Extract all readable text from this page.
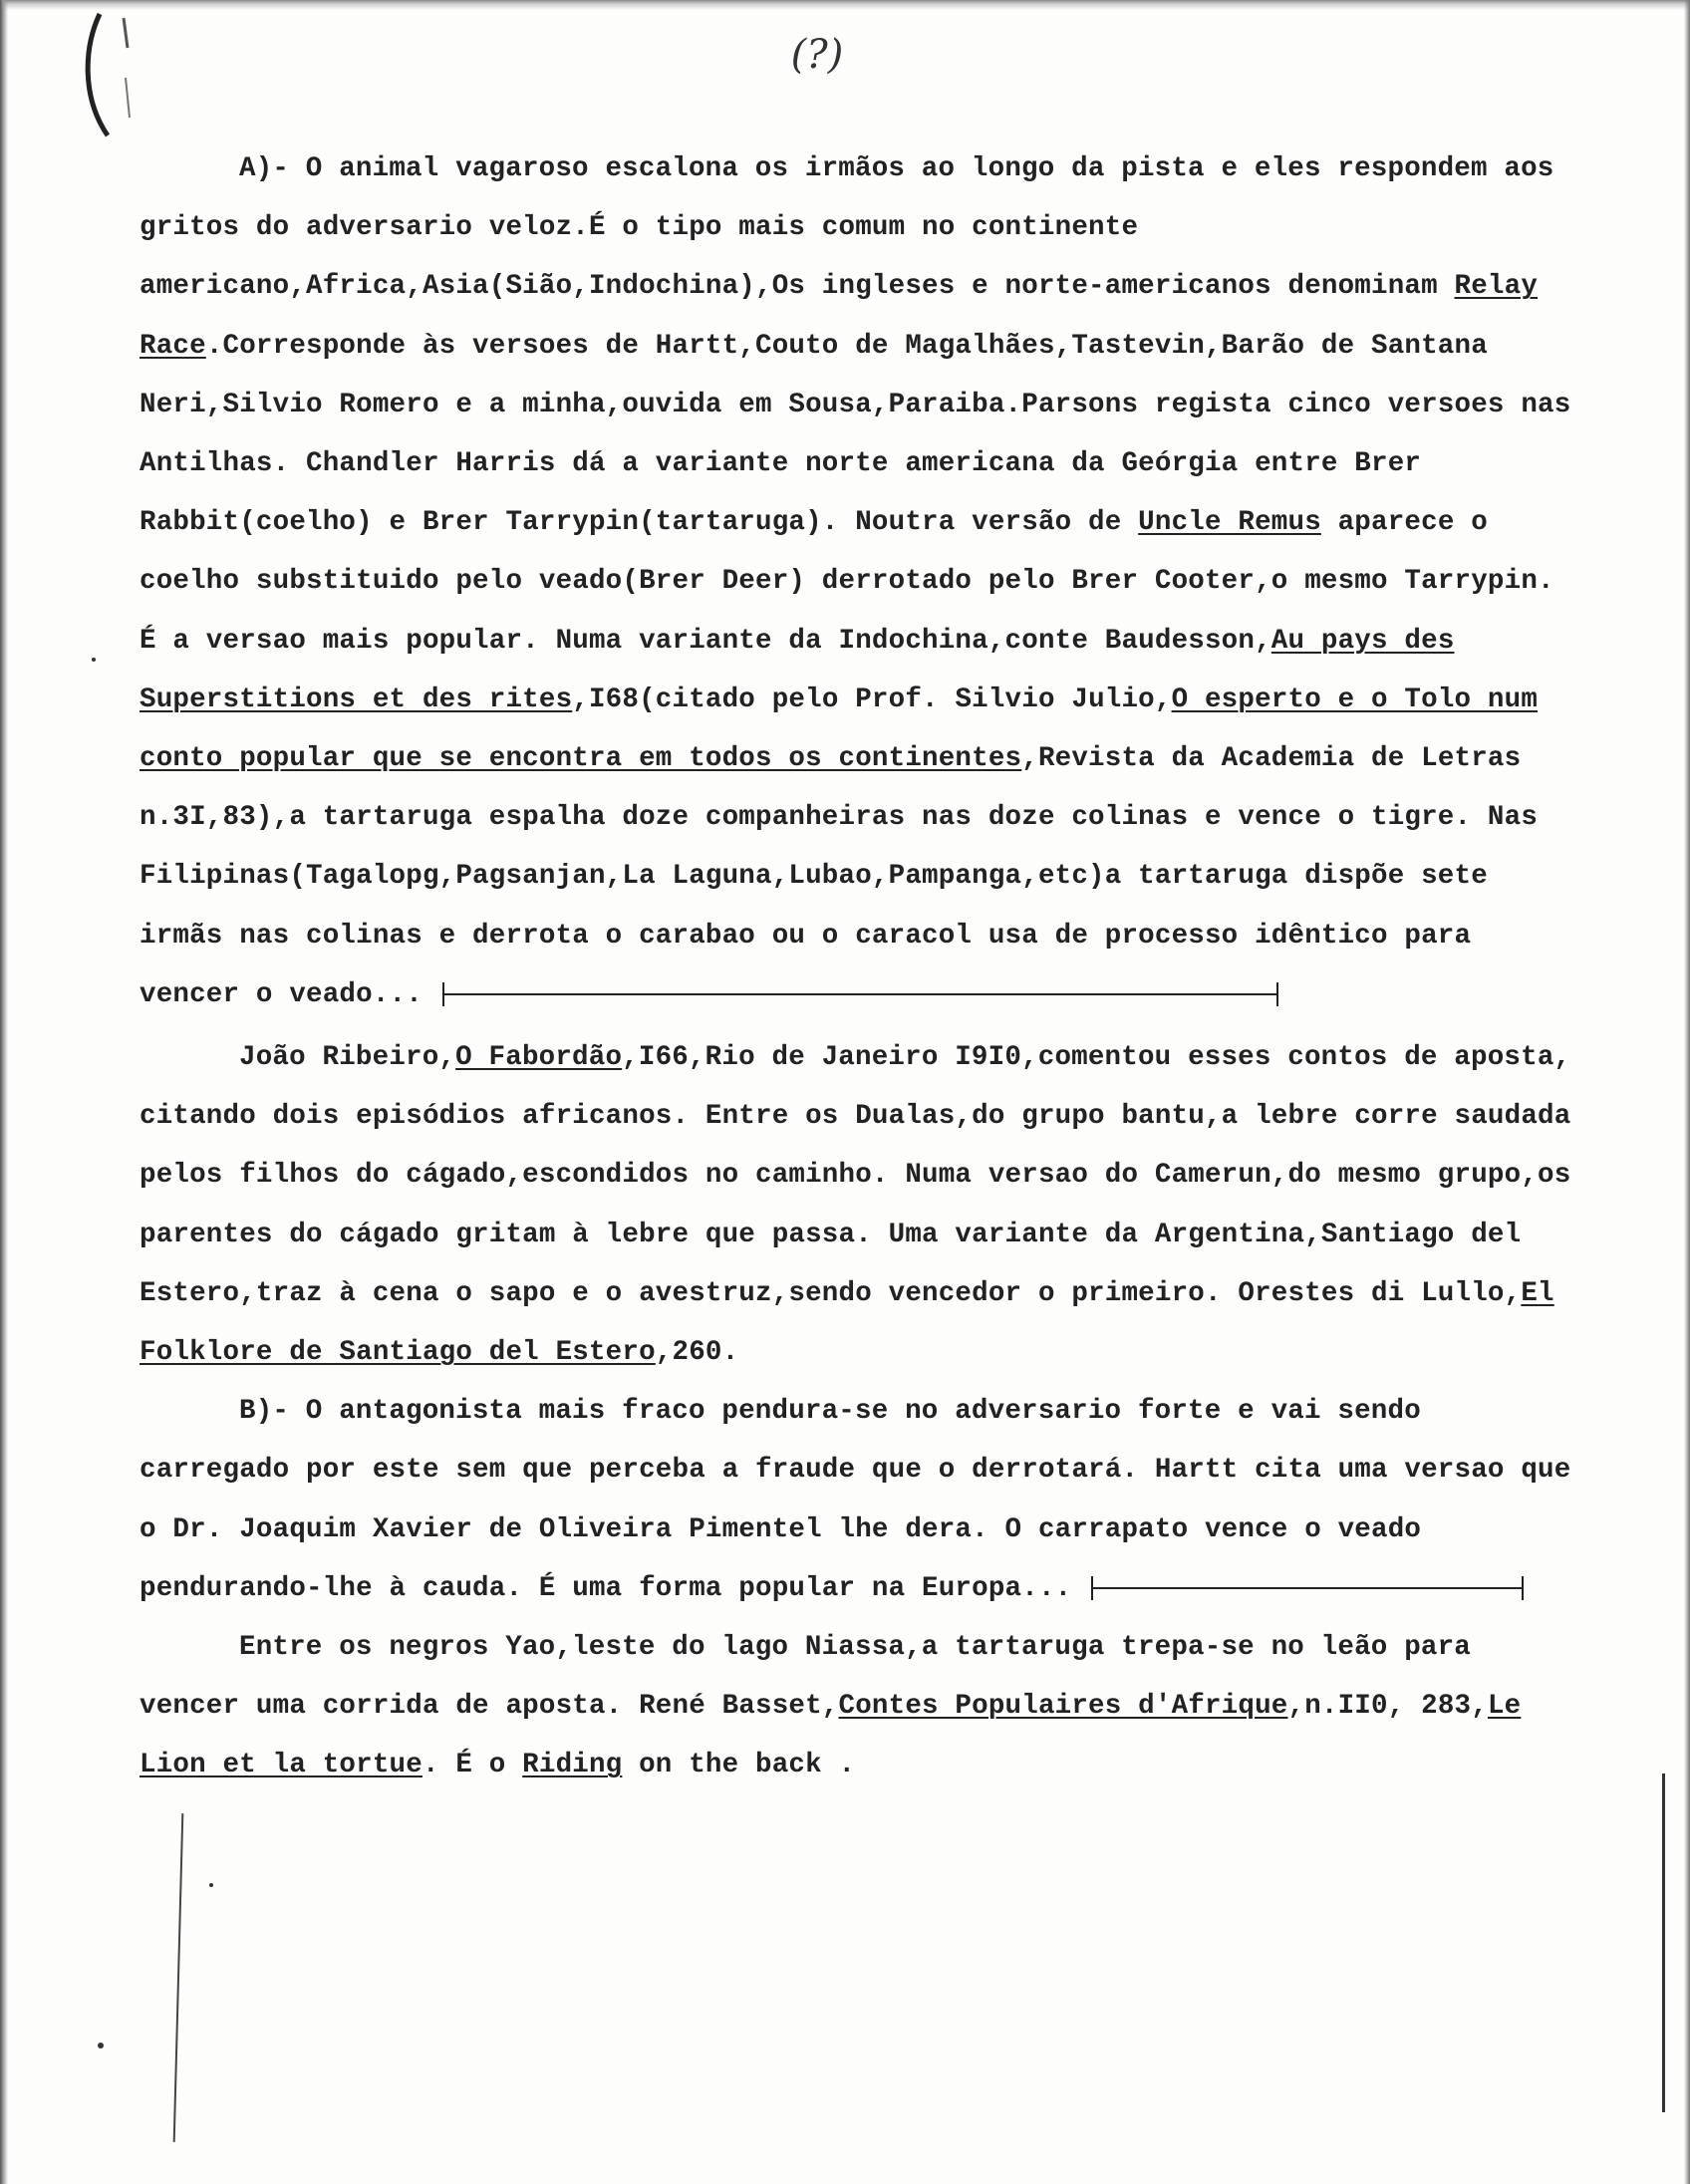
(?)

A)- O animal vagaroso escalona os irmãos ao longo da pista e eles respondem aos gritos do adversario veloz.É o tipo mais comum no continente americano,Africa,Asia(Sião,Indochina),Os ingleses e norte-americanos denominam Relay Race.Corresponde às versoes de Hartt,Couto de Magalhães,Tastevin,Barão de Santana Neri,Silvio Romero e a minha,ouvida em Sousa,Paraiba.Parsons regista cinco versoes nas Antilhas. Chandler Harris dá a variante norte americana da Geórgia entre Brer Rabbit(coelho) e Brer Tarrypin(tartaruga). Noutra versão de Uncle Remus aparece o coelho substituido pelo veado(Brer Deer) derrotado pelo Brer Cooter,o mesmo Tarrypin. É a versao mais popular. Numa variante da Indochina,conte Baudesson,Au pays des Superstitions et des rites,I68(citado pelo Prof. Silvio Julio,O esperto e o Tolo num conto popular que se encontra em todos os continentes,Revista da Academia de Letras n.3I,83),a tartaruga espalha doze companheiras nas doze colinas e vence o tigre. Nas Filipinas(Tagalopg,Pagsanjan,La Laguna,Lubao,Pampanga,etc)a tartaruga dispõe sete irmãs nas colinas e derrota o carabao ou o caracol usa de processo idêntico para vencer o veado...

João Ribeiro,O Fabordão,I66,Rio de Janeiro I9I0,comentou esses contos de aposta, citando dois episódios africanos. Entre os Dualas,do grupo bantu,a lebre corre saudada pelos filhos do cágado,escondidos no caminho. Numa versao do Camerun,do mesmo grupo,os parentes do cágado gritam à lebre que passa. Uma variante da Argentina,Santiago del Estero,traz à cena o sapo e o avestruz,sendo vencedor o primeiro. Orestes di Lullo,El Folklore de Santiago del Estero,260.

B)- O antagonista mais fraco pendura-se no adversario forte e vai sendo carregado por este sem que perceba a fraude que o derrotará. Hartt cita uma versao que o Dr. Joaquim Xavier de Oliveira Pimentel lhe dera. O carrapato vence o veado pendurando-lhe à cauda. É uma forma popular na Europa...

Entre os negros Yao,leste do lago Niassa,a tartaruga trepa-se no leão para vencer uma corrida de aposta. René Basset,Contes Populaires d'Afrique,n.II0, 283,Le Lion et la tortue. É o Riding on the back .
